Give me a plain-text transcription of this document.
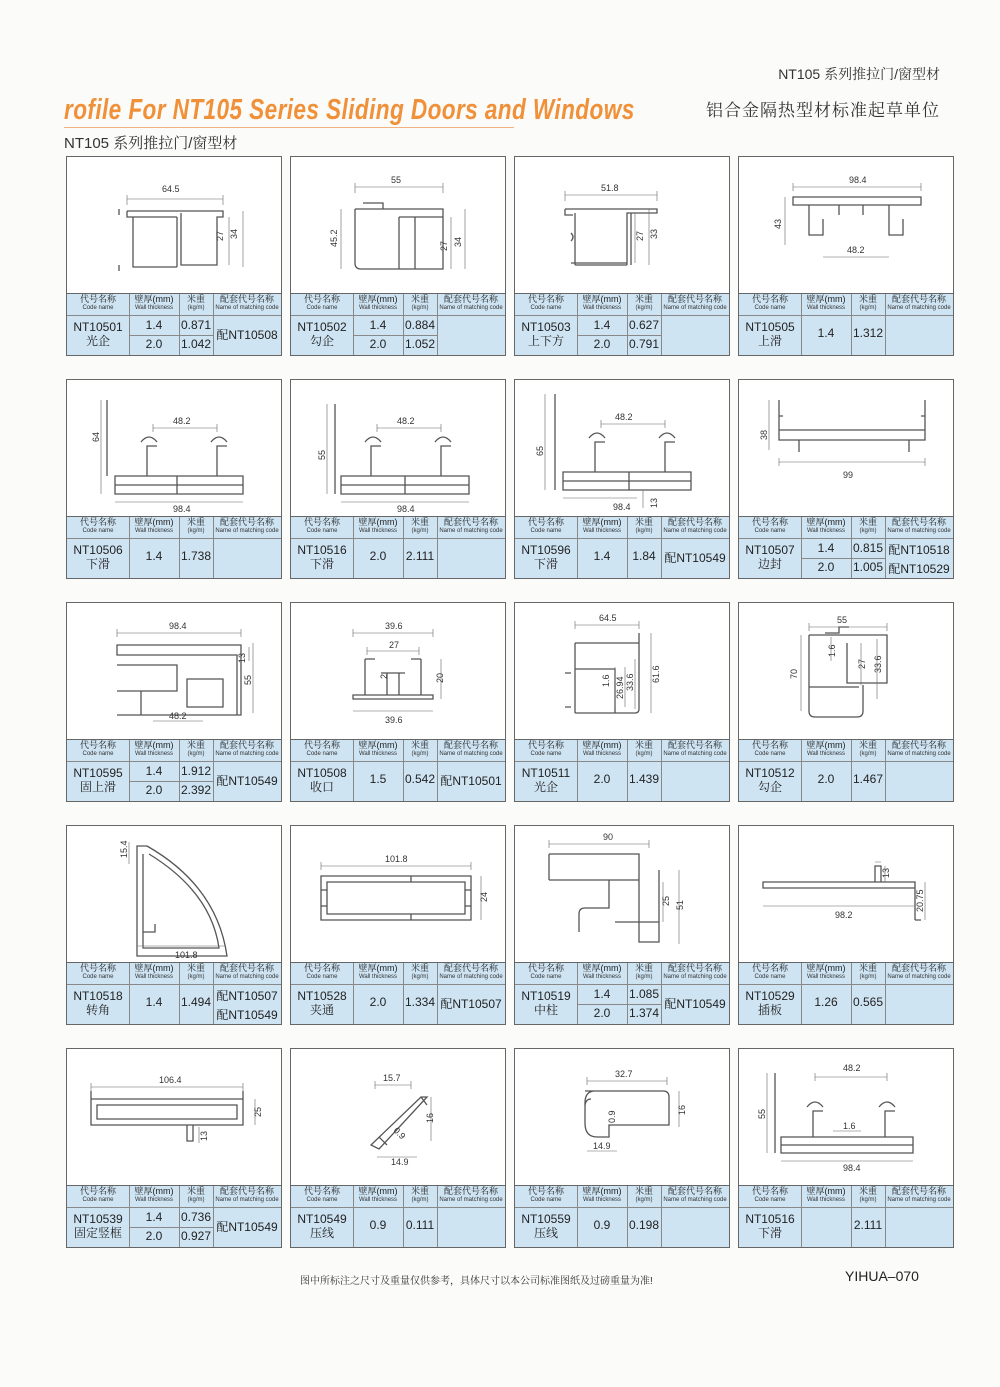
NT105 系列推拉门/窗型材
铝合金隔热型材标准起草单位
rofile For NT105 Series Sliding Doors and Windows
NT105 系列推拉门/窗型材
64.5
27 34
代号名称
Code name
壁厚(mm)
Wall thickness
米重
(kg/m)
配套代号名称
Name of matching code
NT10501
光企
1.4	0.871
2.0	1.042
配NT10508
55
45.2	27 34
代号名称
Code name
壁厚(mm)
Wall thickness
米重
(kg/m)
配套代号名称
Name of matching code
NT10502
勾企
1.4	0.884
2.0	1.052
51.8
27 33
代号名称
Code name
壁厚(mm)
Wall thickness
米重
(kg/m)
配套代号名称
Name of matching code
NT10503
上下方
1.4	0.627
2.0	0.791
98.4
43
48.2
代号名称
Code name
壁厚(mm)
Wall thickness
米重
(kg/m)
配套代号名称
Name of matching code
NT10505
上滑
1.4	1.312
48.2
64
98.4
代号名称
Code name
壁厚(mm)
Wall thickness
米重
(kg/m)
配套代号名称
Name of matching code
NT10506
下滑
1.4	1.738
48.2
55
98.4
代号名称
Code name
壁厚(mm)
Wall thickness
米重
(kg/m)
配套代号名称
Name of matching code
NT10516
下滑
2.0	2.111
48.2
65
98.4 13
代号名称
Code name
壁厚(mm)
Wall thickness
米重
(kg/m)
配套代号名称
Name of matching code
NT10596
下滑
1.4	1.84 配NT10549
38
99
代号名称
Code name
壁厚(mm)
Wall thickness
米重
(kg/m)
配套代号名称
Name of matching code
NT10507
边封
1.4	0.815
2.0	1.005
配NT10518
配NT10529
98.4
13
55
48.2
代号名称
Code name
壁厚(mm)
Wall thickness
米重
(kg/m)
配套代号名称
Name of matching code
NT10595
固上滑
1.4	1.912
2.0	2.392
配NT10549
39.6
27
2	20
39.6
代号名称
Code name
壁厚(mm)
Wall thickness
米重
(kg/m)
配套代号名称
Name of matching code
NT10508
收口
1.5	0.542 配NT10501
64.5
1.6 26.94 33.6 61.6
代号名称
Code name
壁厚(mm)
Wall thickness
米重
(kg/m)
配套代号名称
Name of matching code
NT10511
光企
2.0	1.439
55
1.6
27 33.6
70
代号名称
Code name
壁厚(mm)
Wall thickness
米重
(kg/m)
配套代号名称
Name of matching code
NT10512
勾企
2.0	1.467
15.4
101.8
代号名称
Code name
壁厚(mm)
Wall thickness
米重
(kg/m)
配套代号名称
Name of matching code
NT10518
转角
1.4	1.494 配NT10507
配NT10549
101.8
24
代号名称
Code name
壁厚(mm)
Wall thickness
米重
(kg/m)
配套代号名称
Name of matching code
NT10528
夹通
2.0	1.334 配NT10507
90
25 51
代号名称
Code name
壁厚(mm)
Wall thickness
米重
(kg/m)
配套代号名称
Name of matching code
NT10519
中柱
1.4	1.085
2.0	1.374
配NT10549
13
20.75
98.2
代号名称
Code name
壁厚(mm)
Wall thickness
米重
(kg/m)
配套代号名称
Name of matching code
NT10529
插板
1.26	0.565
106.4
25
13
代号名称
Code name
壁厚(mm)
Wall thickness
米重
(kg/m)
配套代号名称
Name of matching code
NT10539
固定竖框
1.4	0.736
2.0	0.927
配NT10549
15.7
0.9
16
14.9
代号名称
Code name
壁厚(mm)
Wall thickness
米重
(kg/m)
配套代号名称
Name of matching code
NT10549
压线
0.9	0.111
32.7
0.9
16
14.9
代号名称
Code name
壁厚(mm)
Wall thickness
米重
(kg/m)
配套代号名称
Name of matching code
NT10559
压线
0.9	0.198
48.2
55
1.6
98.4
代号名称
Code name
壁厚(mm)
Wall thickness
米重
(kg/m)
配套代号名称
Name of matching code
NT10516
下滑
2.111
图中所标注之尺寸及重量仅供参考，具体尺寸以本公司标准图纸及过磅重量为准!	YIHUA–070
